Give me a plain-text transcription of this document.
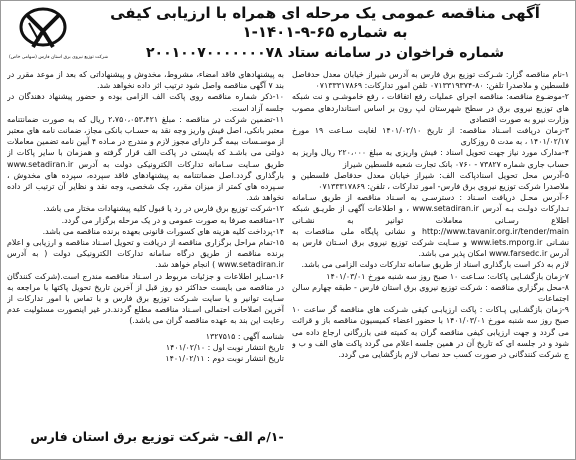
شرکت توزیع نیروی برق استان فارس (سهامی خاص)
آگهی مناقصه عمومی یک مرحله ای همراه با ارزیابی کیفی
به شماره ۶۵-۹-۱۴۰۱-۱
شماره فراخوان در سامانه ستاد ۲۰۰۱۰۰۷۰۰۰۰۰۰۰۷۸

۱-نام مناقصه گزار: شـرکت توزیع برق فارس به آدرس شیراز خیابان معدل حدفاصل فلسطین و ملاصدرا تلفن: ۸۰-۰۷۱۳۳۱۹۳۷۴ تلفن امور تدارکات: ۰۷۱۳۳۳۱۷۸۶۹

۲-موضـوع مناقصه: مناقصه اجرای عملیات رفع اتفاقات ، رفع خاموشـی و نت شبکه های توزیع نیروی برق در سطح شهرستان لپ رون بر اساس استانداردهای مصوب وزارت نیرو به صورت اقتصادی

۳-زمان دریافت اسـناد مناقصه: از تاریخ ۱۴۰۱/۰۲/۱۰ لغایت سـاعت ۱۹ مورخ ۱۴۰۱/۰۲/۱۷ ، به مدت ۵ روزکاری

۴-مدارک مورد نیاز جهت تحویل اسناد : فیش واریزی به مبلغ ۲۲۰،۰۰۰ ریال واریز به حساب جاری شماره ۷۳۸۲۷ - ۰۷۶۰ بانک تجارت شعبه فلسطین شیراز

۵-آدرس محل تحویل اسنادپاکت الف: شیراز خیابان معدل حدفاصل فلسطین و ملاصدرا شرکت توزیع نیروی برق فارس- امور تدارکات ، تلفن: ۰۷۱۳۳۳۱۷۸۶۹

۶-آدرس محـل دریافت اسـناد : دسترسـی به اسـناد مناقصه از طریق سـامانه تـدارکات دولـت بـه آدرس www.setadiran.ir ، و اطلاعات آگهی از طریـق شبکه اطلاع رسـانی معاملات توانیر به نشـانی http://www.tavanir.org.ir/tender/main و نشانی پایگاه ملی مناقصات به نشـانی www.iets.mporg.ir و سـایت شرکت توزیع نیروی برق اسـتان فارس به آدرس www.farsedc.ir امکان پذیر می باشد.

لازم به ذکر است بارگذاری اسناد از طریق سامانه تدارکات دولت الزامی می باشد.

۷-زمان بازگشـایی پاکات: سـاعت ۱۰ صبح روز سه شنبه مورخ ۱۴۰۱/۰۳/۰۱

۸-محل برگزاری مناقصه : شرکت توزیع نیروی برق استان فارس - طبقه چهارم سالن اجتماعات

۹-زمان بازگشـایی پـاکات : پاکت ارزیابـی کیفی شـرکت های مناقصه گر ساعت ۱۰ صبح روز سه شنبه مورخ ۱۴۰۱/۰۳/۰۱ با حضور اعضاء کمیسیون مناقصه باز و قرائت می گردد و جهت ارزیابی کیفی مناقصه گران به کمیته فنی بازرگانی ارجاع داده می شود و در جلسه ای که تاریخ آن در همین جلسه اعلام می گردد پاکت های الف و ب و ج شرکت کنندگانی در صورت کسب حد نصاب لازم بازگشایی می گردد.

به پیشنهادهای فاقد امضاء، مشروط، مخدوش و پیشنهاداتی که بعد از موعد مقرر در بند ۷ آگهی مناقصه واصل شود ترتیب اثر داده نخواهد شد.

۱۰-ذکر شماره مناقصه روی پاکت الف الزامی بوده و حضور پیشنهاد دهندگان در جلسه آزاد است.

۱۱-تضمین شرکت در مناقصه : مبلغ ۲،۷۵۰،۰۵۳،۴۲۱ ریال که به صورت ضمانتنامه معتبر بانکی، اصل فیش واریز وجه نقد به حسـاب بانکی مجاز، ضمانت نامه های معتبر از موسـسات بیمه گـر دارای مجوز لازم و مندرج در مـاده ۴ آیین نامه تضمین معاملات دولتی می باشـد که بایستی در پاکت الف قرار گرفته و همزمان با سایر پاکات از طریق سـایت سـامانه تدارکات الکترونیکی دولت به آدرس www.setadiran.ir بارگذاری گردد.اصل ضمانتنامه به پیشنهادهای فاقد سپرده، سپرده های مخدوش ، سـپرده های کمتر از میزان مقرر، چک شخصی، وجه نقد و نظایر آن ترتیب اثر داده نخواهد شد.

۱۲-شرکت توزیع برق فارس در رد یا قبول کلیه پیشنهادات مختار می باشد.

۱۳-مناقصه صرفا به صورت عمومی و در یک مرحله برگزار می گردد.

۱۴-پرداخت کلیه هزینه های کسورات قانونی بعهده برنده مناقصه می باشد.

۱۵-تمام مراحل برگزاری مناقصه از دریافت و تحویل اسـناد مناقصه و ارزیابی و اعلام برنده مناقصه از طریق درگاه سامانه تدارکات الکترونیکی دولت ( به آدرس www.setadiran.ir ) انجام خواهد شد.

۱۶-سـایر اطلاعات و جزئیات مربوط در اسـناد مناقصه مندرج است.(شرکت کنندگان در مناقصه می بایست حداکثر دو روز قبل از آخرین تاریخ تحویل پاکتها با مراجعه به سـایت توانیر و یا سایت شـرکت توزیع برق فارس و با تماس با امور تدارکات از آخرین اصلاحات احتمالی اسـناد مناقصه مطلع گردند.در غیر اینصورت مسئولیت عدم رعایت این بند به عهده مناقصه گران می باشد.)

شناسه آگهی : ۱۳۲۷۵۱۵
تاریخ انتشار نوبت اول : ۱۴۰۱/۰۲/۱۰
تاریخ انتشار نوبت دوم : ۱۴۰۱/۰۲/۱۱
-۱/م الف- شرکت توزیع برق استان فارس
